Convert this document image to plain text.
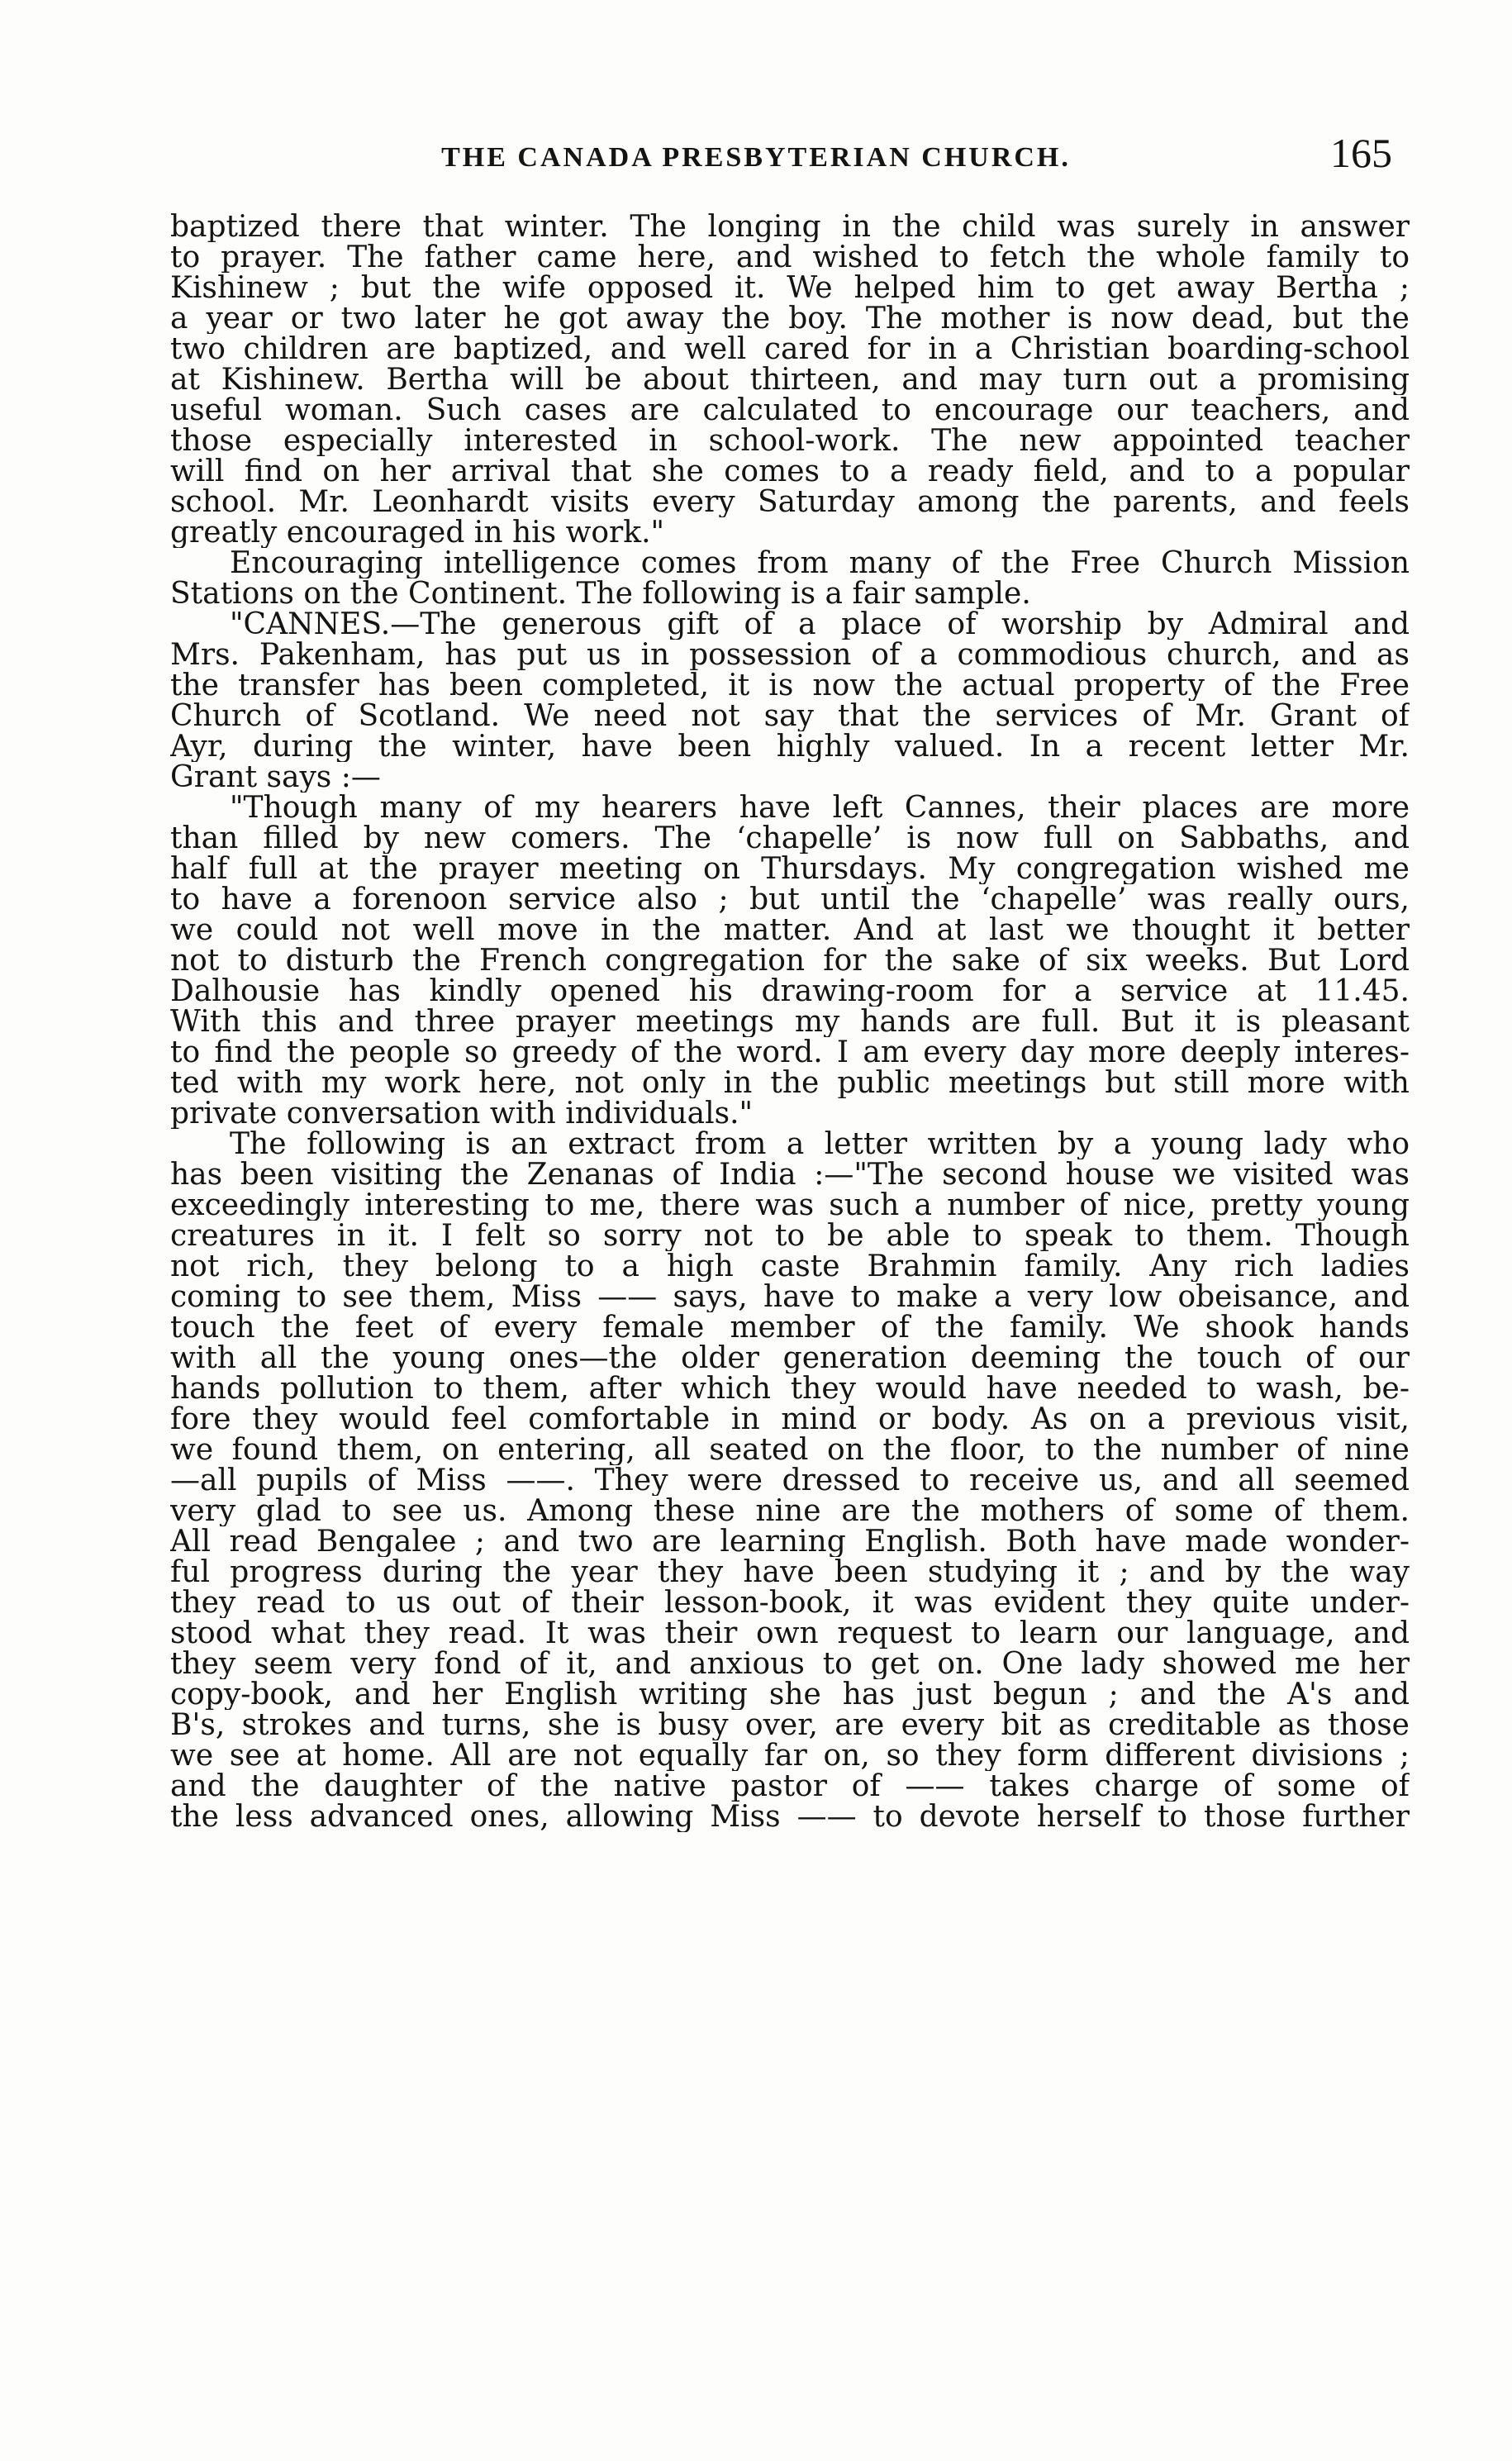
THE CANADA PRESBYTERIAN CHURCH.	165
baptized there that winter. The longing in the child was surely in answer
to prayer. The father came here, and wished to fetch the whole family to
Kishinew ; but the wife opposed it. We helped him to get away Bertha ;
a year or two later he got away the boy. The mother is now dead, but the
two children are baptized, and well cared for in a Christian boarding-school
at Kishinew. Bertha will be about thirteen, and may turn out a promising
useful woman. Such cases are calculated to encourage our teachers, and
those especially interested in school-work. The new appointed teacher
will find on her arrival that she comes to a ready field, and to a popular
school. Mr. Leonhardt visits every Saturday among the parents, and feels
greatly encouraged in his work."
Encouraging intelligence comes from many of the Free Church Mission
Stations on the Continent. The following is a fair sample.
"CANNES.—The generous gift of a place of worship by Admiral and
Mrs. Pakenham, has put us in possession of a commodious church, and as
the transfer has been completed, it is now the actual property of the Free
Church of Scotland. We need not say that the services of Mr. Grant of
Ayr, during the winter, have been highly valued. In a recent letter Mr.
Grant says :—
"Though many of my hearers have left Cannes, their places are more
than filled by new comers. The ‘chapelle’ is now full on Sabbaths, and
half full at the prayer meeting on Thursdays. My congregation wished me
to have a forenoon service also ; but until the ‘chapelle’ was really ours,
we could not well move in the matter. And at last we thought it better
not to disturb the French congregation for the sake of six weeks. But Lord
Dalhousie has kindly opened his drawing-room for a service at 11.45.
With this and three prayer meetings my hands are full. But it is pleasant
to find the people so greedy of the word. I am every day more deeply interes-
ted with my work here, not only in the public meetings but still more with
private conversation with individuals."
The following is an extract from a letter written by a young lady who
has been visiting the Zenanas of India :—"The second house we visited was
exceedingly interesting to me, there was such a number of nice, pretty young
creatures in it. I felt so sorry not to be able to speak to them. Though
not rich, they belong to a high caste Brahmin family. Any rich ladies
coming to see them, Miss —— says, have to make a very low obeisance, and
touch the feet of every female member of the family. We shook hands
with all the young ones—the older generation deeming the touch of our
hands pollution to them, after which they would have needed to wash, be-
fore they would feel comfortable in mind or body. As on a previous visit,
we found them, on entering, all seated on the floor, to the number of nine
—all pupils of Miss ——. They were dressed to receive us, and all seemed
very glad to see us. Among these nine are the mothers of some of them.
All read Bengalee ; and two are learning English. Both have made wonder-
ful progress during the year they have been studying it ; and by the way
they read to us out of their lesson-book, it was evident they quite under-
stood what they read. It was their own request to learn our language, and
they seem very fond of it, and anxious to get on. One lady showed me her
copy-book, and her English writing she has just begun ; and the A's and
B's, strokes and turns, she is busy over, are every bit as creditable as those
we see at home. All are not equally far on, so they form different divisions ;
and the daughter of the native pastor of —— takes charge of some of
the less advanced ones, allowing Miss —— to devote herself to those further
